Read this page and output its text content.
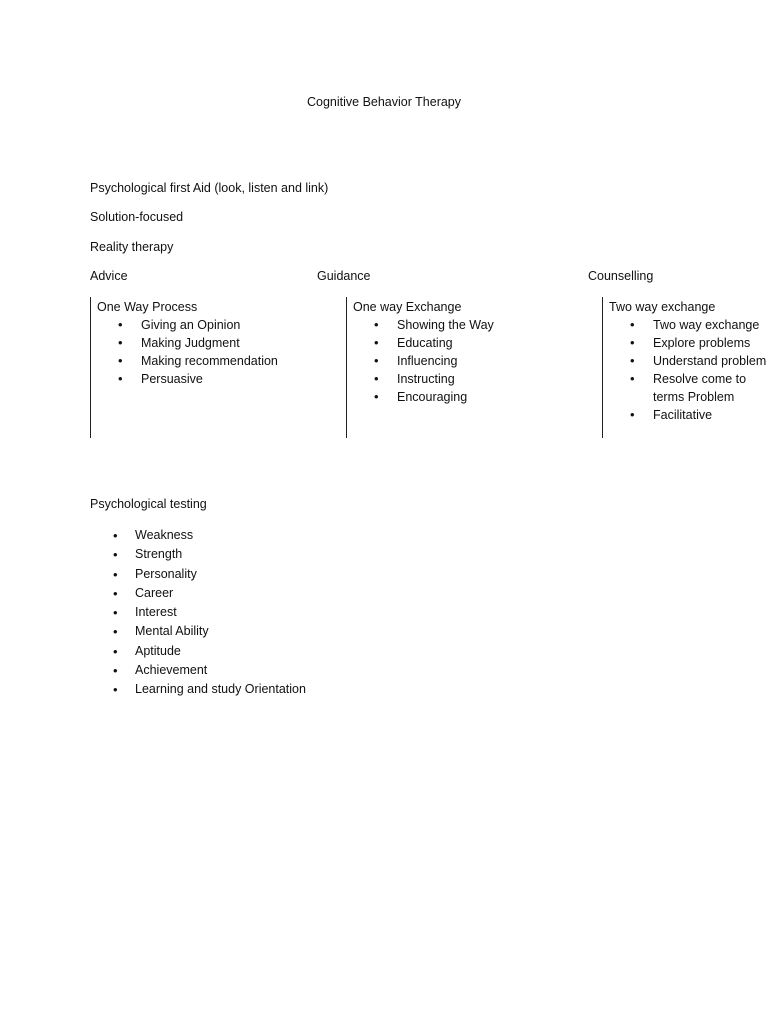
Cognitive Behavior Therapy
Psychological first Aid (look, listen and link)
Solution-focused
Reality therapy
Advice	Guidance	Counselling
One Way Process
• Giving an Opinion
• Making Judgment
• Making recommendation
• Persuasive
One way Exchange
• Showing the Way
• Educating
• Influencing
• Instructing
• Encouraging
Two way exchange
• Two way exchange
• Explore problems
• Understand problem
• Resolve come to terms Problem
• Facilitative
Psychological testing
• Weakness
• Strength
• Personality
• Career
• Interest
• Mental Ability
• Aptitude
• Achievement
• Learning and study Orientation
